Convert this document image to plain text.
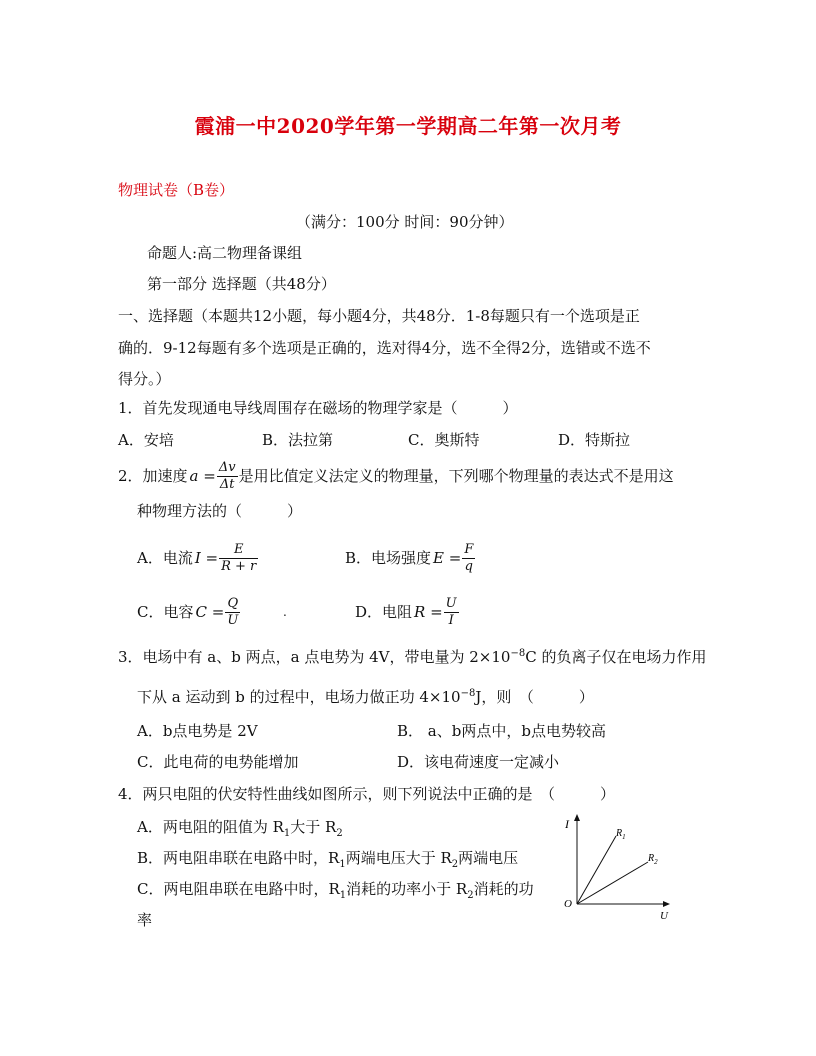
霞浦一中2020学年第一学期高二年第一次月考
物理试卷（B卷）
（满分：100分 时间：90分钟）
命题人:高二物理备课组
第一部分 选择题（共48分）
一、选择题（本题共12小题，每小题4分，共48分．1-8每题只有一个选项是正
确的．9-12每题有多个选项是正确的，选对得4分，选不全得2分，选错或不选不
得分。）
1．首先发现通电导线周围存在磁场的物理学家是（　　　）
A．安培	B．法拉第	C．奥斯特	D．特斯拉
2．加速度 $a = \frac{\Delta v}{\Delta t}$ 是用比值定义法定义的物理量，下列哪个物理量的表达式不是用这
种物理方法的（　　　）
A．电流 $I = \frac{E}{R + r}$	B．电场强度 $E = \frac{F}{q}$
C．电容 $C = \frac{Q}{U}$	.	D．电阻 $R = \frac{U}{I}$
3．电场中有 a、b 两点，a 点电势为 4V，带电量为 $2\times 10^{-8}C$ 的负离子仅在电场力作用
下从 a 运动到 b 的过程中，电场力做正功 $4\times 10^{-8}J$，则　（　　　）
A．b点电势是 2V	B． a、b两点中，b点电势较高
C．此电荷的电势能增加	D．该电荷速度一定减小
4．两只电阻的伏安特性曲线如图所示，则下列说法中正确的是　（　　　）
A．两电阻的阻值为 $R_1$大于 $R_2$
B．两电阻串联在电路中时，$R_1$两端电压大于 $R_2$两端电压
C．两电阻串联在电路中时，$R_1$消耗的功率小于 $R_2$消耗的功
率
I
U
O
$R_1$
$R_2$
